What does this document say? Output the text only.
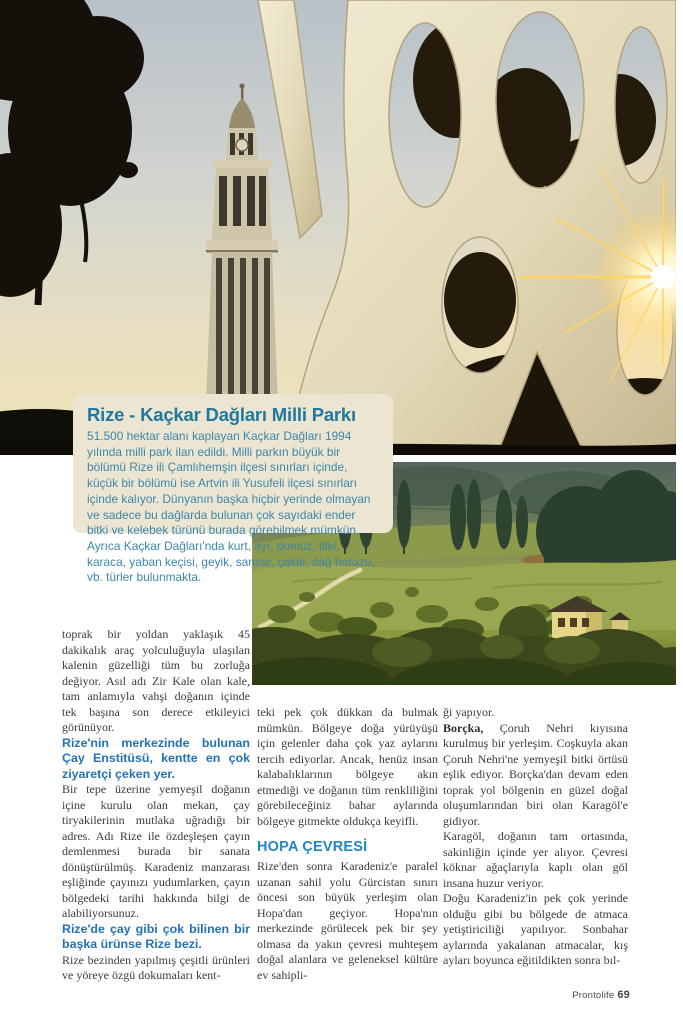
Rize - Kaçkar Dağları Milli Parkı

51.500 hektar alanı kaplayan Kaçkar Dağları 1994 yılında milli park ilan edildi. Milli parkın büyük bir bölümü Rize ili Çamlıhemşin ilçesi sınırları içinde, küçük bir bölümü ise Artvin ili Yusufeli ilçesi sınırları içinde kalıyor. Dünyanın başka hiçbir yerinde olmayan ve sadece bu dağlarda bulunan çok sayıdaki ender bitki ve kelebek türünü burada görebilmek mümkün. Ayrıca Kaçkar Dağları'nda kurt, ayı, domuz, tilki, karaca, yaban keçisi, geyik, sansar, çakal, dağ horozu, vb. türler bulunmakta.

toprak bir yoldan yaklaşık 45 dakikalık araç yolculuğuyla ulaşılan kalenin güzelliği tüm bu zorluğa değiyor. Asıl adı Zir Kale olan kale, tam anlamıyla vahşi doğanın içinde tek başına son derece etkileyici görünüyor.

Rize'nin merkezinde bulunan Çay Enstitüsü, kentte en çok ziyaretçi çeken yer.

Bir tepe üzerine yemyeşil doğanın içine kurulu olan mekan, çay tiryakilerinin mutlaka uğradığı bir adres. Adı Rize ile özdeşleşen çayın demlenmesi burada bir sanata dönüştürülmüş. Karadeniz manzarası eşliğinde çayınızı yudumlarken, çayın bölgedeki tarihi hakkında bilgi de alabiliyorsunuz.

Rize'de çay gibi çok bilinen bir başka ürünse Rize bezi.

Rize bezinden yapılmış çeşitli ürünleri ve yöreye özgü dokumaları kent-

teki pek çok dükkan da bulmak mümkün. Bölgeye doğa yürüyüşü için gelenler daha çok yaz aylarını tercih ediyorlar. Ancak, henüz insan kalabalıklarının bölgeye akın etmediği ve doğanın tüm renkliliğini görebileceğiniz bahar aylarında bölgeye gitmekte oldukça keyifli.

HOPA ÇEVRESİ

Rize'den sonra Karadeniz'e paralel uzanan sahil yolu Gürcistan sınırı öncesi son büyük yerleşim olan Hopa'dan geçiyor. Hopa'nın merkezinde görülecek pek bir şey olmasa da yakın çevresi muhteşem doğal alanlara ve geleneksel kültüre ev sahipli-

ği yapıyor.

Borçka, Çoruh Nehri kıyısına kurulmuş bir yerleşim. Coşkuyla akan Çoruh Nehri'ne yemyeşil bitki örtüsü eşlik ediyor. Borçka'dan devam eden toprak yol bölgenin en güzel doğal oluşumlarından biri olan Karagöl'e gidiyor.

Karagöl, doğanın tam ortasında, sakinliğin içinde yer alıyor. Çevresi köknar ağaçlarıyla kaplı olan göl insana huzur veriyor.

Doğu Karadeniz'in pek çok yerinde olduğu gibi bu bölgede de atmaca yetiştiriciliği yapılıyor. Sonbahar aylarında yakalanan atmacalar, kış ayları boyunca eğitildikten sonra bıl-

Prontolife 69
